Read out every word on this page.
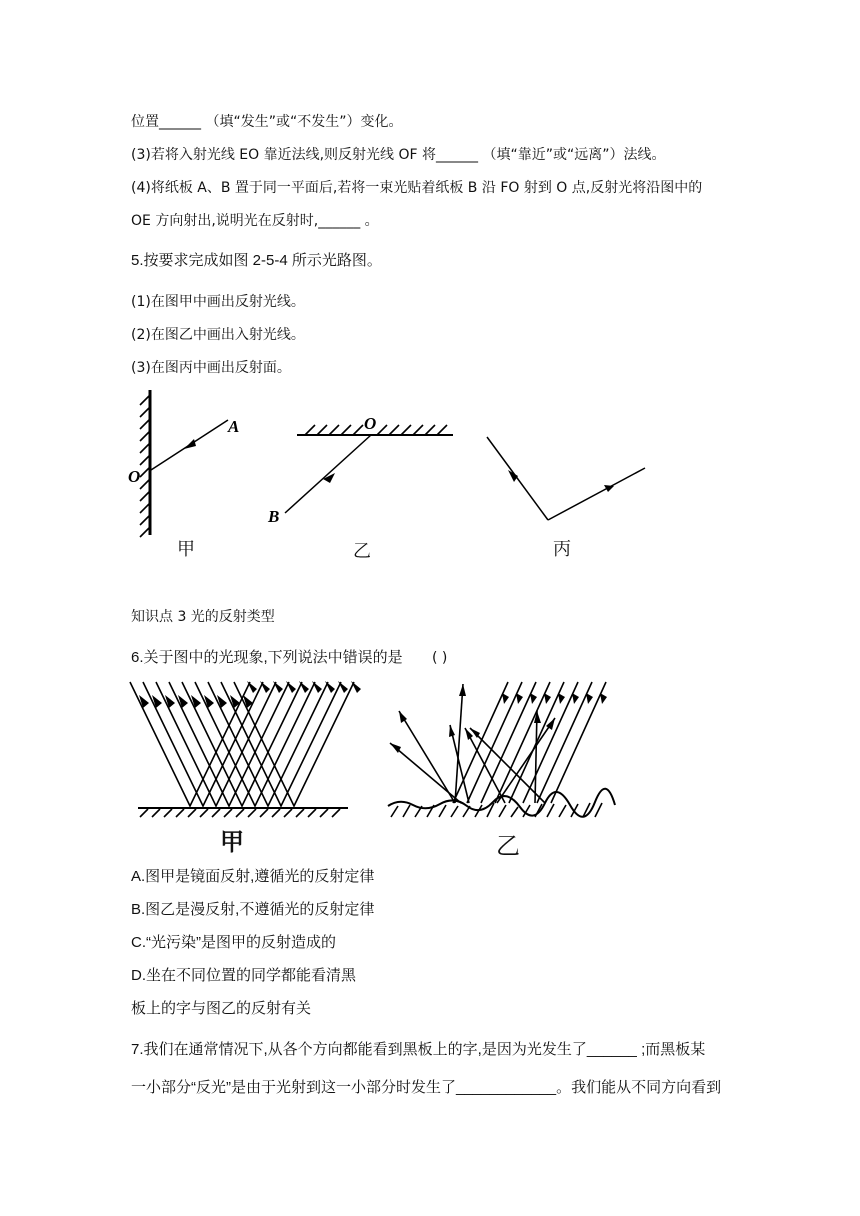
位置______ （填“发生”或“不发生”）变化。
(3)若将入射光线 EO 靠近法线,则反射光线 OF 将______ （填“靠近”或“远离”）法线。
(4)将纸板 A、B 置于同一平面后,若将一束光贴着纸板 B 沿 FO 射到 O 点,反射光将沿图中的
OE 方向射出,说明光在反射时,______ 。
5.按要求完成如图 2-5-4 所示光路图。
(1)在图甲中画出反射光线。
(2)在图乙中画出入射光线。
(3)在图丙中画出反射面。
A
O
甲
O
B
乙	丙
知识点 3 光的反射类型
6.关于图中的光现象,下列说法中错误的是 ( )
甲	乙
A.图甲是镜面反射,遵循光的反射定律
B.图乙是漫反射,不遵循光的反射定律
C.“光污染”是图甲的反射造成的
D.坐在不同位置的同学都能看清黑
板上的字与图乙的反射有关
7.我们在通常情况下,从各个方向都能看到黑板上的字,是因为光发生了______ ;而黑板某
一小部分“反光”是由于光射到这一小部分时发生了____________。我们能从不同方向看到
